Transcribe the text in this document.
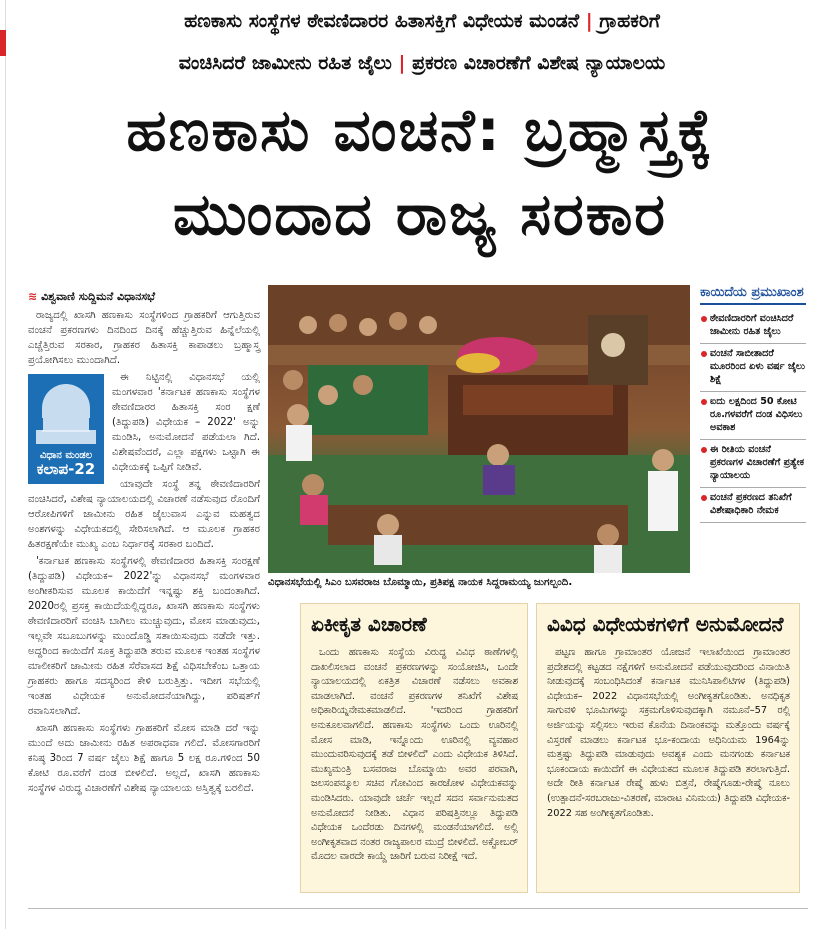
ಹಣಕಾಸು ಸಂಸ್ಥೆಗಳ ಠೇವಣಿದಾರರ ಹಿತಾಸಕ್ತಿಗೆ ವಿಧೇಯಕ ಮಂಡನೆ | ಗ್ರಾಹಕರಿಗೆ
ವಂಚಿಸಿದರೆ ಜಾಮೀನು ರಹಿತ ಜೈಲು | ಪ್ರಕರಣ ವಿಚಾರಣೆಗೆ ವಿಶೇಷ ನ್ಯಾಯಾಲಯ
ಹಣಕಾಸು ವಂಚನೆ: ಬ್ರಹ್ಮಾಸ್ತ್ರಕ್ಕೆ
ಮುಂದಾದ ರಾಜ್ಯ ಸರಕಾರ
≋ ವಿಶ್ವವಾಣಿ ಸುದ್ದಿಮನೆ ವಿಧಾನಸಭೆ

ರಾಜ್ಯದಲ್ಲಿ ಖಾಸಗಿ ಹಣಕಾಸು ಸಂಸ್ಥೆಗಳಿಂದ ಗ್ರಾಹಕರಿಗೆ ಆಗುತ್ತಿರುವ ವಂಚನೆ ಪ್ರಕರಣಗಳು ದಿನದಿಂದ ದಿನಕ್ಕೆ ಹೆಚ್ಚುತ್ತಿರುವ ಹಿನ್ನೆಲೆಯಲ್ಲಿ ಎಚ್ಚೆತ್ತಿರುವ ಸರಕಾರ, ಗ್ರಾಹಕರ ಹಿತಾಸಕ್ತಿ ಕಾಪಾಡಲು ಬ್ರಹ್ಮಾಸ್ತ್ರ ಪ್ರಯೋಗಿಸಲು ಮುಂದಾಗಿದೆ.

ವಿಧಾನ ಮಂಡಲ
ಕಲಾಪ-22

ಈ ನಿಟ್ಟಿನಲ್ಲಿ ವಿಧಾನಸಭೆ ಯಲ್ಲಿ ಮಂಗಳವಾರ 'ಕರ್ನಾಟಕ ಹಣಕಾಸು ಸಂಸ್ಥೆಗಳ ಠೇವಣಿದಾರರ ಹಿತಾಸಕ್ತಿ ಸಂರ ಕ್ಷಣೆ (ತಿದ್ದುಪಡಿ) ವಿಧೇಯಕ – 2022' ಅನ್ನು ಮಂಡಿಸಿ, ಅನುಮೋದನೆ ಪಡೆಯಲಾ ಗಿದೆ. ವಿಶೇಷವೆಂದರೆ, ಎಲ್ಲಾ ಪಕ್ಷಗಳು ಒಟ್ಟಾಗಿ ಈ ವಿಧೇಯಕಕ್ಕೆ ಒಪ್ಪಿಗೆ ನೀಡಿವೆ.

ಯಾವುದೇ ಸಂಸ್ಥೆ ತನ್ನ ಠೇವಣಿದಾರರಿಗೆ ವಂಚಿಸಿದರೆ, ವಿಶೇಷ ನ್ಯಾಯಾಲಯದಲ್ಲಿ ವಿಚಾರಣೆ ನಡೆಸುವುದ ರೊಂದಿಗೆ ಆರೋಪಿಗಳಿಗೆ ಜಾಮೀನು ರಹಿತ ಜೈಲುವಾಸ ಎನ್ನುವ ಮಹತ್ವದ ಅಂಶಗಳನ್ನು ವಿಧೇಯಕದಲ್ಲಿ ಸೇರಿಸಲಾಗಿದೆ. ಆ ಮೂಲಕ ಗ್ರಾಹಕರ ಹಿತರಕ್ಷಣೆಯೇ ಮುಖ್ಯ ಎಂಬ ನಿರ್ಧಾರಕ್ಕೆ ಸರಕಾರ ಬಂದಿದೆ.

'ಕರ್ನಾಟಕ ಹಣಕಾಸು ಸಂಸ್ಥೆಗಳಲ್ಲಿ ಠೇವಣಿದಾರರ ಹಿತಾಸಕ್ತಿ ಸಂರಕ್ಷಣೆ (ತಿದ್ದುಪಡಿ) ವಿಧೇಯಕ– 2022'ನ್ನು ವಿಧಾನಸಭೆ ಮಂಗಳವಾರ ಅಂಗೀಕರಿಸುವ ಮೂಲಕ ಕಾಯಿದೆಗೆ ಇನ್ನಷ್ಟು ಶಕ್ತಿ ಬಂದಂತಾಗಿದೆ. 2020ರಲ್ಲಿ ಪ್ರಸಕ್ತ ಕಾಯಿದೆಯಲ್ಲಿದ್ದರೂ, ಖಾಸಗಿ ಹಣಕಾಸು ಸಂಸ್ಥೆಗಳು ಠೇವಣಿದಾರರಿಗೆ ವಂಚಿಸಿ ಬಾಗಿಲು ಮುಚ್ಚುವುದು, ಮೋಸ ಮಾಡುವುದು, ಇಲ್ಲವೇ ಸಬೂಬುಗಳನ್ನು ಮುಂದೊಡ್ಡಿ ಸತಾಯಿಸುವುದು ನಡೆದೇ ಇತ್ತು. ಅದ್ದರಿಂದ ಕಾಯಿದೆಗೆ ಸೂಕ್ತ ತಿದ್ದುಪಡಿ ತರುವ ಮೂಲಕ ಇಂತಹ ಸಂಸ್ಥೆಗಳ ಮಾಲೀಕರಿಗೆ ಜಾಮೀನು ರಹಿತ ಸೆರೆವಾಸದ ಶಿಕ್ಷೆ ವಿಧಿಸಬೇಕೆಂಬ ಒತ್ತಾಯ ಗ್ರಾಹಕರು ಹಾಗೂ ಸದಸ್ಯರಿಂದ ಕೇಳಿ ಬರುತ್ತಿತ್ತು. ಇದೀಗ ಸಭೆಯಲ್ಲಿ ಇಂತಹ ವಿಧೇಯಕ ಅನುಮೋದನೆಯಾಗಿದ್ದು, ಪರಿಷತ್‌ಗೆ ರವಾನಿಸಲಾಗಿದೆ.

ಖಾಸಗಿ ಹಣಕಾಸು ಸಂಸ್ಥೆಗಳು ಗ್ರಾಹಕರಿಗೆ ಮೋಸ ಮಾಡಿ ದರೆ ಇನ್ನು ಮುಂದೆ ಅದು ಜಾಮೀನು ರಹಿತ ಅಪರಾಧವಾ ಗಲಿದೆ. ಮೋಸಗಾರರಿಗೆ ಕನಿಷ್ಠ 3ರಿಂದ 7 ವರ್ಷ ಜೈಲು ಶಿಕ್ಷೆ ಹಾಗೂ 5 ಲಕ್ಷ ರೂ.ಗಳಿಂದ 50 ಕೋಟಿ ರೂ.ವರೆಗೆ ದಂಡ ಬೀಳಲಿದೆ. ಅಲ್ಲದೆ, ಖಾಸಗಿ ಹಣಕಾಸು ಸಂಸ್ಥೆಗಳ ವಿರುದ್ಧ ವಿಚಾರಣೆಗೆ ವಿಶೇಷ ನ್ಯಾಯಾಲಯ ಅಸ್ತಿತ್ವಕ್ಕೆ ಬರಲಿದೆ.

ವಿಧಾನಸಭೆಯಲ್ಲಿ ಸಿಎಂ ಬಸವರಾಜ ಬೊಮ್ಮಾಯಿ, ಪ್ರತಿಪಕ್ಷ ನಾಯಕ ಸಿದ್ದರಾಮಯ್ಯ ಜುಗಲ್ಬಂದಿ.
ಕಾಯಿದೆಯ ಪ್ರಮುಖಾಂಶ
ಠೇವಣಿದಾರರಿಗೆ ವಂಚಿಸಿದರೆ ಜಾಮೀನು ರಹಿತ ಜೈಲು
ವಂಚನೆ ಸಾಬೀತಾದರೆ ಮೂರರಿಂದ ಏಳು ವರ್ಷ ಜೈಲು ಶಿಕ್ಷೆ
ಐದು ಲಕ್ಷದಿಂದ 50 ಕೋಟಿ ರೂ.ಗಳವರೆಗೆ ದಂಡ ವಿಧಿಸಲು ಅವಕಾಶ
ಈ ರೀತಿಯ ವಂಚನೆ ಪ್ರಕರಣಗಳ ವಿಚಾರಣೆಗೆ ಪ್ರತ್ಯೇಕ ನ್ಯಾಯಾಲಯ
ವಂಚನೆ ಪ್ರಕರಣದ ತನಿಖೆಗೆ ವಿಶೇಷಾಧಿಕಾರಿ ನೇಮಕ
ಏಕೀಕೃತ ವಿಚಾರಣೆ

ಒಂದು ಹಣಕಾಸು ಸಂಸ್ಥೆಯ ವಿರುದ್ಧ ವಿವಿಧ ಠಾಣೆಗಳಲ್ಲಿ ದಾಖಲಿಸಲಾದ ವಂಚನೆ ಪ್ರಕರಣಗಳನ್ನು ಸಂಯೋಜಿಸಿ, ಒಂದೇ ನ್ಯಾಯಾಲಯದಲ್ಲಿ ಏಕತ್ರಿತ ವಿಚಾರಣೆ ನಡೆಸಲು ಅವಕಾಶ ಮಾಡಲಾಗಿದೆ. ವಂಚನೆ ಪ್ರಕರಣಗಳ ತನಿಖೆಗೆ ವಿಶೇಷ ಅಧಿಕಾರಿಯ್ನನೇಮಕಮಾಡಲಿದೆ. 'ಇದರಿಂದ ಗ್ರಾಹಕರಿಗೆ ಅನುಕೂಲವಾಗಲಿದೆ. ಹಣಕಾಸು ಸಂಸ್ಥೆಗಳು ಒಂದು ಊರಿನಲ್ಲಿ ಮೋಸ ಮಾಡಿ, ಇನ್ನೊಂದು ಊರಿನಲ್ಲಿ ವ್ಯವಹಾರ ಮುಂದುವರಿಸುವುದಕ್ಕೆ ತಡೆ ಬೀಳಲಿದೆ' ಎಂದು ವಿಧೇಯಕ ತಿಳಿಸಿದೆ. ಮುಖ್ಯಮಂತ್ರಿ ಬಸವರಾಜ ಬೊಮ್ಮಾಯಿ ಅವರ ಪರವಾಗಿ, ಜಲಸಂಪನ್ಮೂಲ ಸಚಿವ ಗೋವಿಂದ ಕಾರಜೋಳ ವಿಧೇಯಕವನ್ನು ಮಂಡಿಸಿದರು. ಯಾವುದೇ ಚರ್ಚೆ ಇಲ್ಲದೆ ಸದನ ಸರ್ವಾನುಮತದ ಅನುಮೋದನೆ ನೀಡಿತು. ವಿಧಾನ ಪರಿಷತ್ತಿನಲ್ಲೂ ತಿದ್ದುಪಡಿ ವಿಧೇಯಕ ಒಂದೆರಡು ದಿನಗಳಲ್ಲಿ ಮಂಡನೆಯಾಗಲಿದೆ. ಅಲ್ಲಿ ಅಂಗೀಕೃತವಾದ ನಂತರ ರಾಜ್ಯಪಾಲರ ಮುದ್ರೆ ಬೀಳಲಿದೆ. ಅಕ್ಟೋಬರ್ ಮೊದಲ ವಾರದೇ ಕಾಯ್ದೆ ಜಾರಿಗೆ ಬರುವ ನಿರೀಕ್ಷೆ ಇದೆ.

ವಿವಿಧ ವಿಧೇಯಕಗಳಿಗೆ ಅನುಮೋದನೆ

ಪಟ್ಟಣ ಹಾಗೂ ಗ್ರಾಮಾಂತರ ಯೋಜನೆ ಇಲಾಖೆಯಿಂದ ಗ್ರಾಮಾಂತರ ಪ್ರದೇಶದಲ್ಲಿ ಕಟ್ಟಡದ ನಕ್ಷೆಗಳಿಗೆ ಅನುಮೋದನೆ ಪಡೆಯುವುದರಿಂದ ವಿನಾಯಿತಿ ನೀಡುವುದಕ್ಕೆ ಸಂಬಂಧಿಸಿದಂತೆ ಕರ್ನಾಟಕ ಮುನಿಸಿಪಾಲಿಟಿಗಳ (ತಿದ್ದುಪಡಿ) ವಿಧೇಯಕ– 2022 ವಿಧಾನಸಭೆಯಲ್ಲಿ ಅಂಗೀಕೃತಗೊಂಡಿತು. ಅನಧಿಕೃತ ಸಾಗುವಳಿ ಭೂಮಿಗಳನ್ನು ಸಕ್ರಮಗೊಳಿಸುವುದಕ್ಕಾಗಿ ನಮೂನೆ–57 ರಲ್ಲಿ ಅರ್ಜಿಯನ್ನು ಸಲ್ಲಿಸಲು ಇರುವ ಕೊನೆಯ ದಿನಾಂಕವನ್ನು ಮತ್ತೊಂದು ವರ್ಷಕ್ಕೆ ವಿಸ್ತರಣೆ ಮಾಡಲು ಕರ್ನಾಟಕ ಭೂ-ಕಂದಾಯ ಅಧಿನಿಯಮ 1964ನ್ನು ಮತ್ತಷ್ಟು ತಿದ್ದುಪಡಿ ಮಾಡುವುದು ಅವಶ್ಯಕ ಎಂದು ಮನಗಂಡು ಕರ್ನಾಟಕ ಭೂಕಂದಾಯ ಕಾಯಿದೆಗೆ ಈ ವಿಧೇಯಕದ ಮೂಲಕ ತಿದ್ದುಪಡಿ ತರಲಾಗುತ್ತಿದೆ. ಅದೇ ರೀತಿ ಕರ್ನಾಟಕ ರೇಷ್ಮೆ ಹುಳು ಬಿತ್ತನೆ, ರೇಷ್ಮೆಗೂಡು-ರೇಷ್ಮೆ ನೂಲು (ಉತ್ಪಾದನೆ-ಸರಬರಾಜು-ವಿತರಣೆ, ಮಾರಾಟ ವಿನಿಮಯ) ತಿದ್ದುಪಡಿ ವಿಧೇಯಕ- 2022 ಸಹ ಅಂಗೀಕೃತಗೊಂಡಿತು.
